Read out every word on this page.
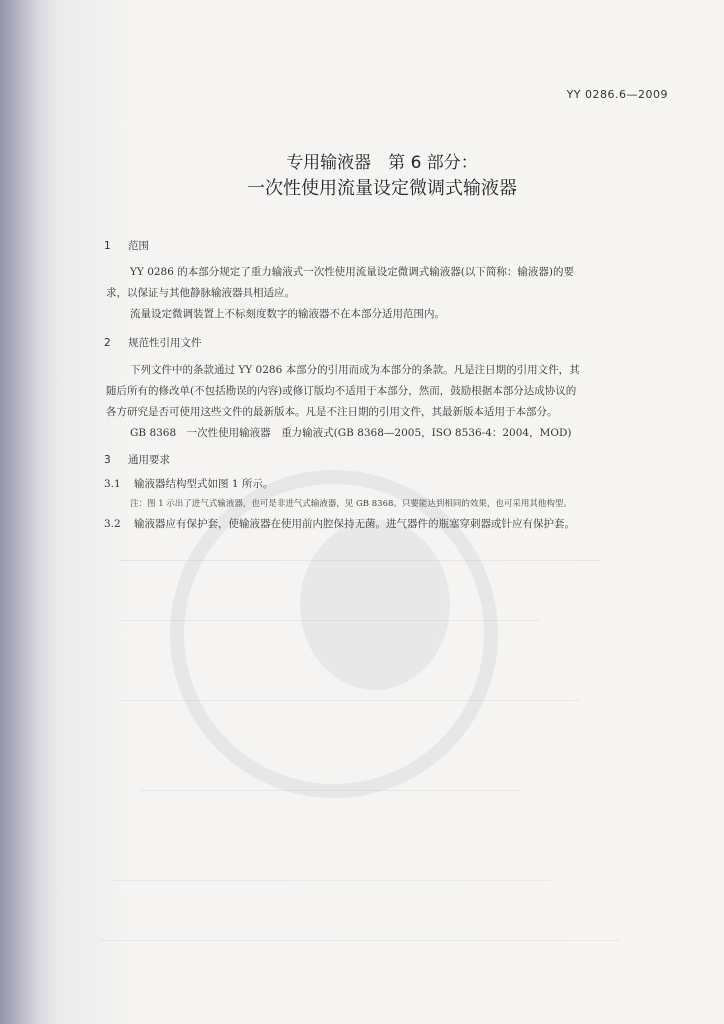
YY 0286.6—2009
专用输液器　第 6 部分：
一次性使用流量设定微调式输液器
1 范围
YY 0286 的本部分规定了重力输液式一次性使用流量设定微调式输液器(以下简称：输液器)的要
求，以保证与其他静脉输液器具相适应。
流量设定微调装置上不标刻度数字的输液器不在本部分适用范围内。
2 规范性引用文件
下列文件中的条款通过 YY 0286 本部分的引用而成为本部分的条款。凡是注日期的引用文件，其
随后所有的修改单(不包括勘误的内容)或修订版均不适用于本部分，然而，鼓励根据本部分达成协议的
各方研究是否可使用这些文件的最新版本。凡是不注日期的引用文件，其最新版本适用于本部分。
GB 8368　一次性使用输液器　重力输液式(GB 8368—2005，ISO 8536-4：2004，MOD)
3 通用要求
3.1 输液器结构型式如图 1 所示。
注：图 1 示出了进气式输液器，也可是非进气式输液器，见 GB 8368。只要能达到相同的效果，也可采用其他构型。
3.2 输液器应有保护套，使输液器在使用前内腔保持无菌。进气器件的瓶塞穿刺器或针应有保护套。
